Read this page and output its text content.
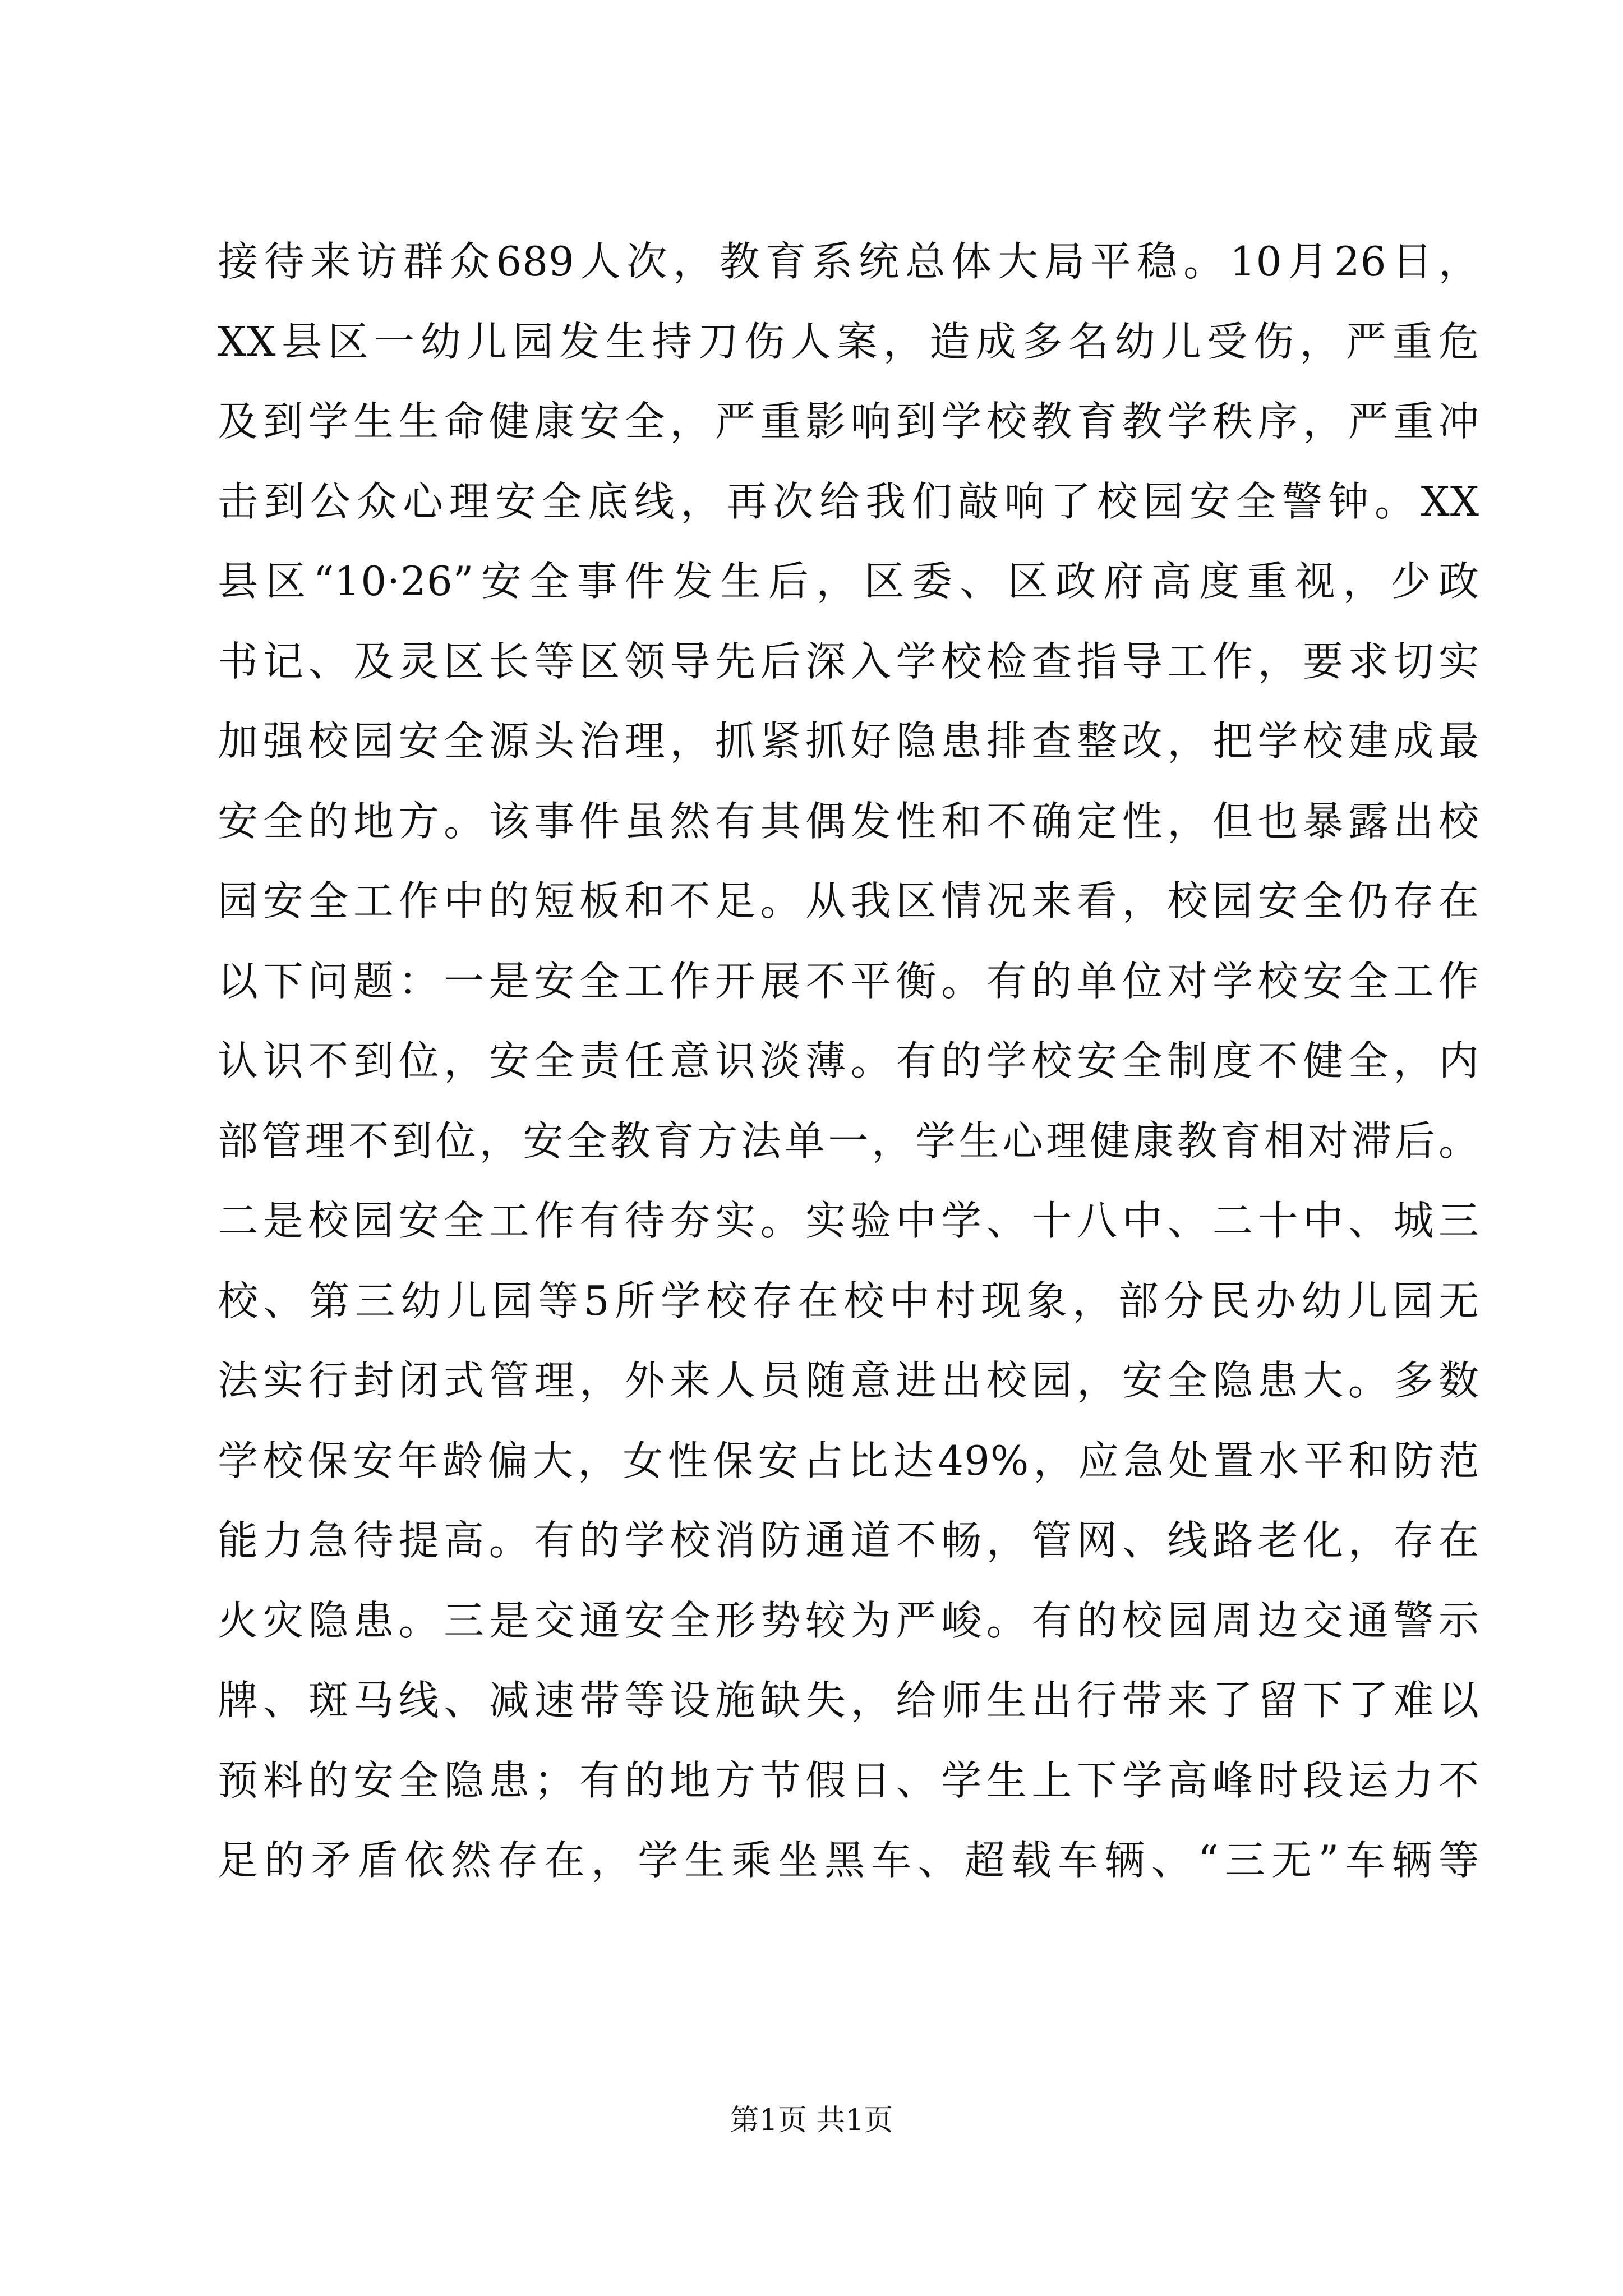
接待来访群众689人次，教育系统总体大局平稳。10月26日，
XX县区一幼儿园发生持刀伤人案，造成多名幼儿受伤，严重危
及到学生生命健康安全，严重影响到学校教育教学秩序，严重冲
击到公众心理安全底线，再次给我们敲响了校园安全警钟。XX
县区“10·26”安全事件发生后，区委、区政府高度重视，少政
书记、及灵区长等区领导先后深入学校检查指导工作，要求切实
加强校园安全源头治理，抓紧抓好隐患排查整改，把学校建成最
安全的地方。该事件虽然有其偶发性和不确定性，但也暴露出校
园安全工作中的短板和不足。从我区情况来看，校园安全仍存在
以下问题：一是安全工作开展不平衡。有的单位对学校安全工作
认识不到位，安全责任意识淡薄。有的学校安全制度不健全，内
部管理不到位，安全教育方法单一，学生心理健康教育相对滞后。
二是校园安全工作有待夯实。实验中学、十八中、二十中、城三
校、第三幼儿园等5所学校存在校中村现象，部分民办幼儿园无
法实行封闭式管理，外来人员随意进出校园，安全隐患大。多数
学校保安年龄偏大，女性保安占比达49%，应急处置水平和防范
能力急待提高。有的学校消防通道不畅，管网、线路老化，存在
火灾隐患。三是交通安全形势较为严峻。有的校园周边交通警示
牌、斑马线、减速带等设施缺失，给师生出行带来了留下了难以
预料的安全隐患；有的地方节假日、学生上下学高峰时段运力不
足的矛盾依然存在，学生乘坐黑车、超载车辆、“三无”车辆等
第1页 共1页
